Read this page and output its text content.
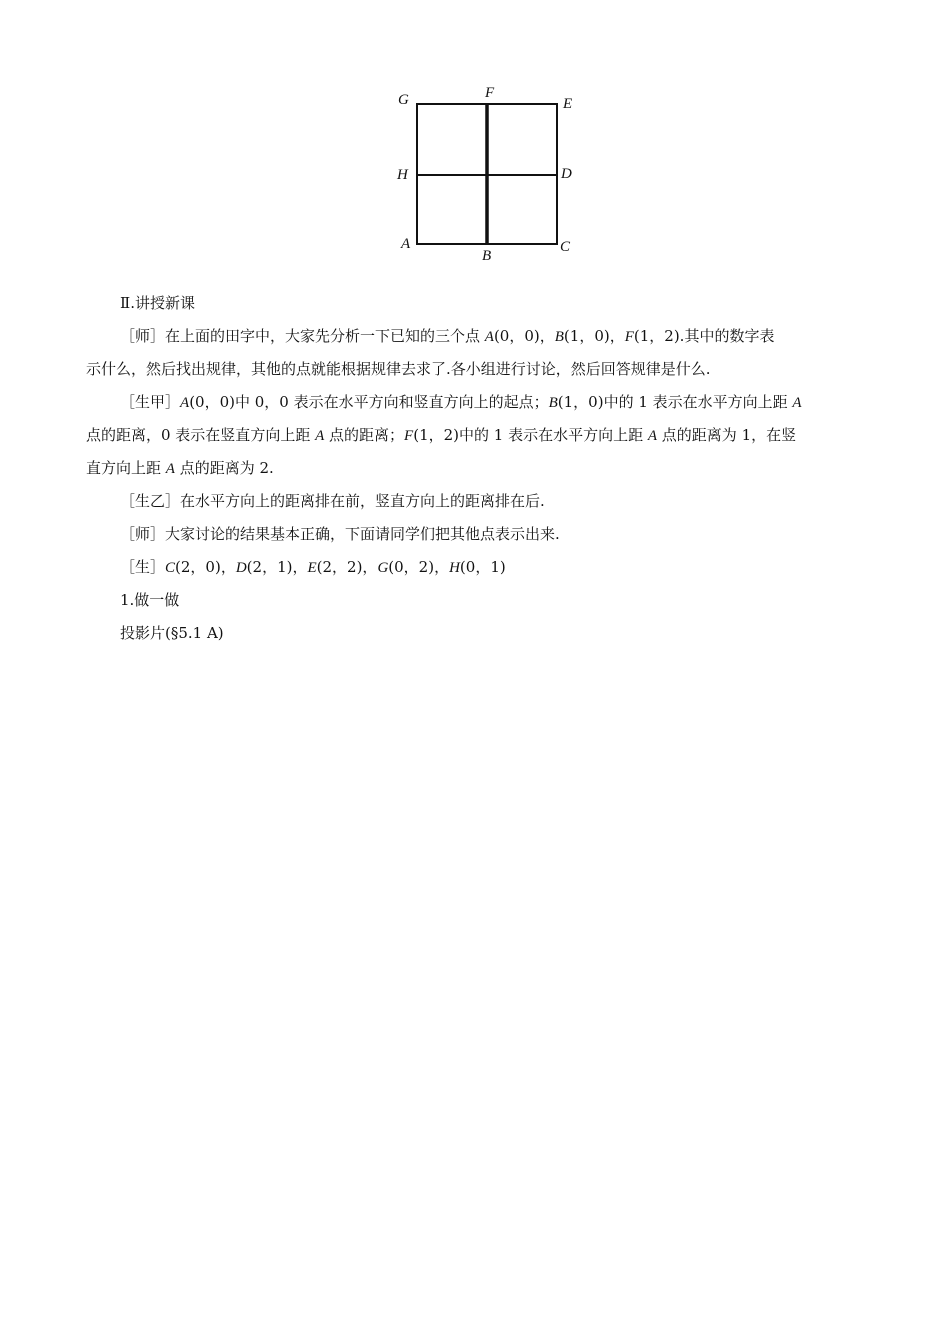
G	F
E
H	D
A
B
C
Ⅱ.讲授新课
［师］在上面的田字中，大家先分析一下已知的三个点 A(0，0)，B(1，0)，F(1，2).其中的数字表
示什么，然后找出规律，其他的点就能根据规律去求了.各小组进行讨论，然后回答规律是什么.
［生甲］A(0，0)中 0，0 表示在水平方向和竖直方向上的起点；B(1，0)中的 1 表示在水平方向上距 A
点的距离，0 表示在竖直方向上距 A 点的距离；F(1，2)中的 1 表示在水平方向上距 A 点的距离为 1，在竖
直方向上距 A 点的距离为 2.
［生乙］在水平方向上的距离排在前，竖直方向上的距离排在后.
［师］大家讨论的结果基本正确，下面请同学们把其他点表示出来.
［生］C(2，0)，D(2，1)，E(2，2)，G(0，2)，H(0，1)
1.做一做
投影片(§5.1 A)
